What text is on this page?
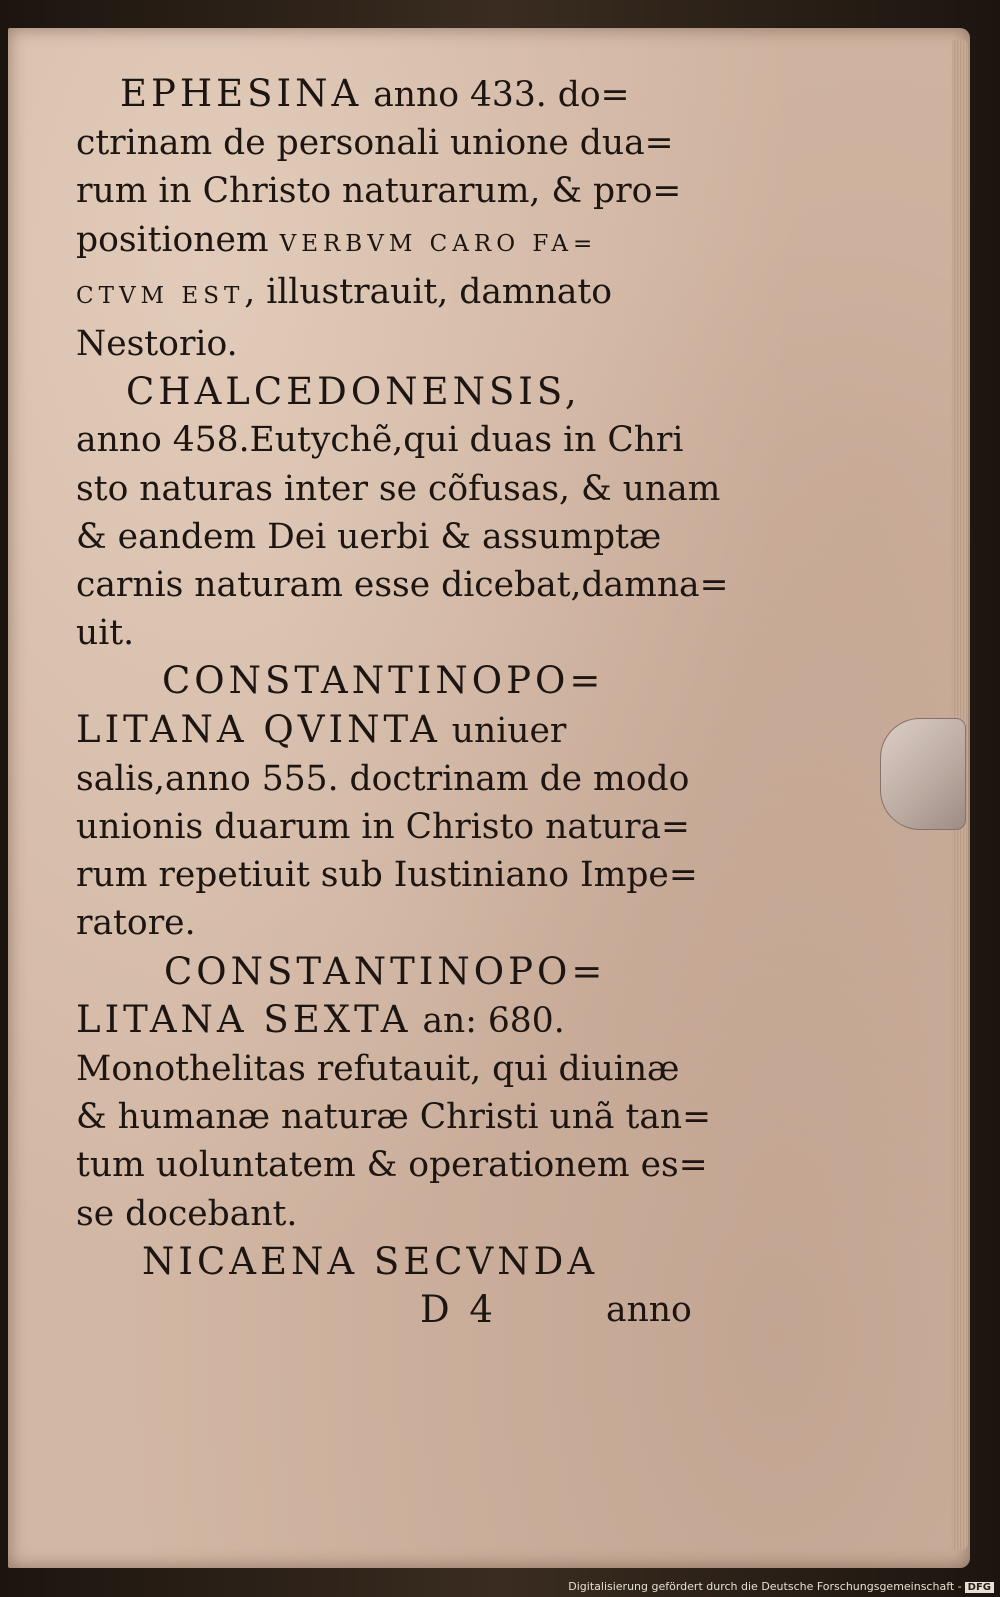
EPHESINA anno 433. do=
ctrinam de personali unione dua=
rum in Christo naturarum, & pro=
positionem VERBVM CARO FA=
CTVM EST, illustrauit, damnato
Nestorio.
CHALCEDONENSIS,
anno 458.Eutychẽ,qui duas in Chri
sto naturas inter se cõfusas, & unam
& eandem Dei uerbi & assumptæ
carnis naturam esse dicebat,damna=
uit.
CONSTANTINOPO=
LITANA QVINTA uniuer
salis,anno 555. doctrinam de modo
unionis duarum in Christo natura=
rum repetiuit sub Iustiniano Impe=
ratore.
CONSTANTINOPO=
LITANA SEXTA an: 680.
Monothelitas refutauit, qui diuinæ
& humanæ naturæ Christi unã tan=
tum uoluntatem & operationem es=
se docebant.
NICAENA SECVNDA
D 4	anno
Digitalisierung gefördert durch die Deutsche Forschungsgemeinschaft - DFG
